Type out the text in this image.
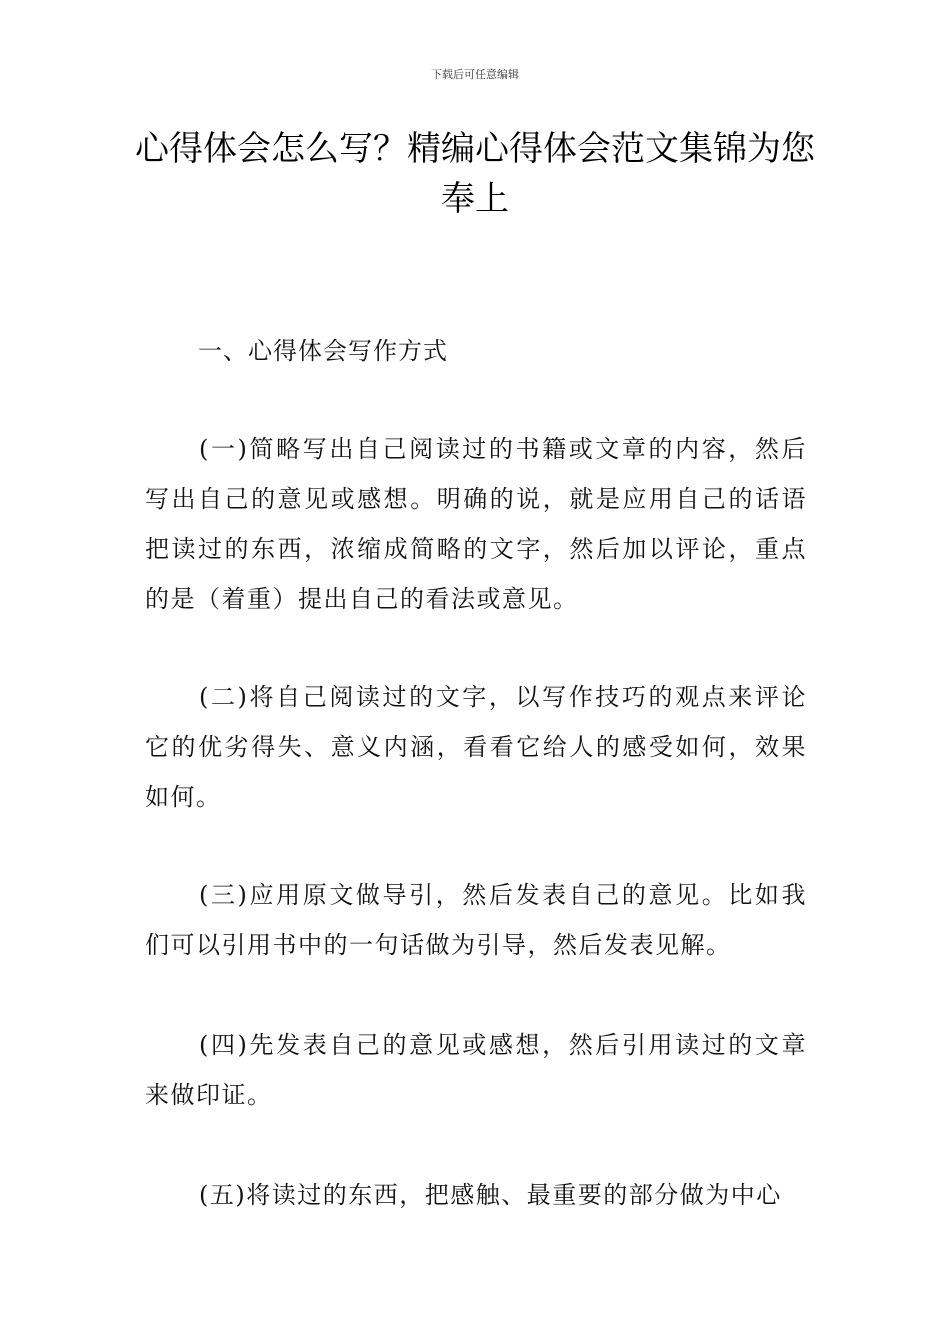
下载后可任意编辑
心得体会怎么写？精编心得体会范文集锦为您奉上

一、心得体会写作方式

(一)简略写出自己阅读过的书籍或文章的内容，然后写出自己的意见或感想。明确的说，就是应用自己的话语把读过的东西，浓缩成简略的文字，然后加以评论，重点的是（着重）提出自己的看法或意见。

(二)将自己阅读过的文字，以写作技巧的观点来评论它的优劣得失、意义内涵，看看它给人的感受如何，效果如何。

(三)应用原文做导引，然后发表自己的意见。比如我们可以引用书中的一句话做为引导，然后发表见解。

(四)先发表自己的意见或感想，然后引用读过的文章来做印证。

(五)将读过的东西，把感触、最重要的部分做为中心
